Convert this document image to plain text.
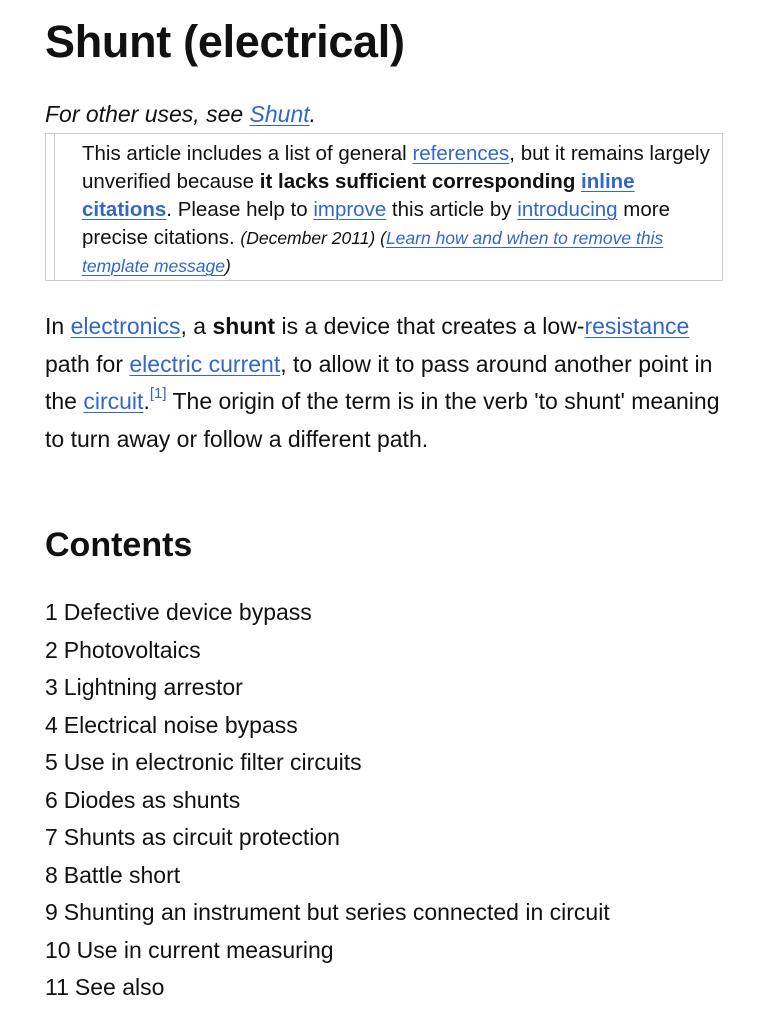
Shunt (electrical)
For other uses, see Shunt.
This article includes a list of general references, but it remains largely unverified because it lacks sufficient corresponding inline citations. Please help to improve this article by introducing more precise citations. (December 2011) (Learn how and when to remove this template message)
In electronics, a shunt is a device that creates a low-resistance path for electric current, to allow it to pass around another point in the circuit.[1] The origin of the term is in the verb 'to shunt' meaning to turn away or follow a different path.
Contents
1 Defective device bypass
2 Photovoltaics
3 Lightning arrestor
4 Electrical noise bypass
5 Use in electronic filter circuits
6 Diodes as shunts
7 Shunts as circuit protection
8 Battle short
9 Shunting an instrument but series connected in circuit
10 Use in current measuring
11 See also
